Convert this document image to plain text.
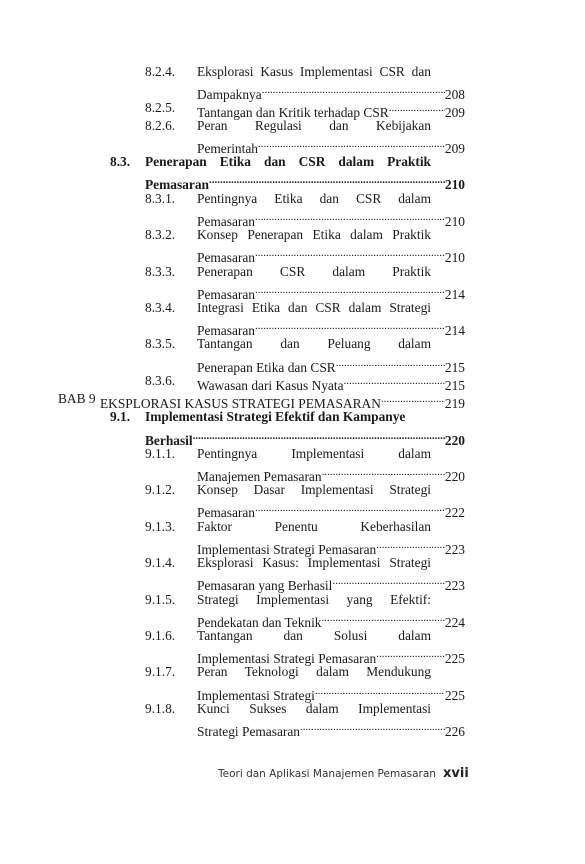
8.2.4. Eksplorasi Kasus Implementasi CSR dan
Dampaknya .....	208
8.2.5. Tantangan dan Kritik terhadap CSR .....	209
8.2.6. Peran Regulasi dan Kebijakan
Pemerintah .....	209
8.3. Penerapan Etika dan CSR dalam Praktik
Pemasaran .....	210
8.3.1. Pentingnya Etika dan CSR dalam
Pemasaran .....	210
8.3.2. Konsep Penerapan Etika dalam Praktik
Pemasaran .....	210
8.3.3. Penerapan CSR dalam Praktik
Pemasaran .....	214
8.3.4. Integrasi Etika dan CSR dalam Strategi
Pemasaran .....	214
8.3.5. Tantangan dan Peluang dalam
Penerapan Etika dan CSR .....	215
8.3.6. Wawasan dari Kasus Nyata .....	215
BAB 9 EKSPLORASI KASUS STRATEGI PEMASARAN .....	219
9.1. Implementasi Strategi Efektif dan Kampanye
Berhasil .....	220
9.1.1. Pentingnya Implementasi dalam
Manajemen Pemasaran .....	220
9.1.2. Konsep Dasar Implementasi Strategi
Pemasaran .....	222
9.1.3. Faktor Penentu Keberhasilan
Implementasi Strategi Pemasaran .....	223
9.1.4. Eksplorasi Kasus: Implementasi Strategi
Pemasaran yang Berhasil .....	223
9.1.5. Strategi Implementasi yang Efektif:
Pendekatan dan Teknik .....	224
9.1.6. Tantangan dan Solusi dalam
Implementasi Strategi Pemasaran .....	225
9.1.7. Peran Teknologi dalam Mendukung
Implementasi Strategi .....	225
9.1.8. Kunci Sukses dalam Implementasi
Strategi Pemasaran .....	226
Teori dan Aplikasi Manajemen Pemasaran xvii
